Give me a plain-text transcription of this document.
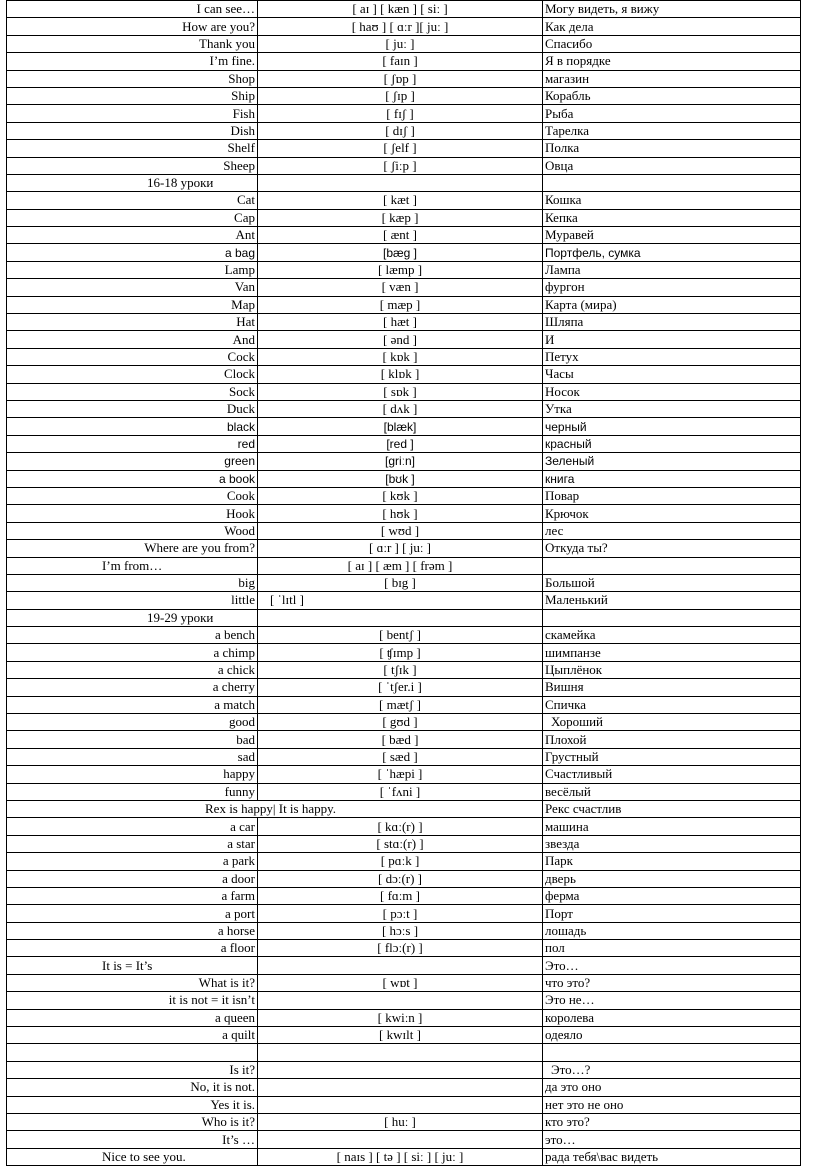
I can see…	[ aɪ ] [ kæn ] [ siː ]	Могу видеть, я вижу
How are you?	[ haʊ ] [ ɑːr ][ juː ]	Как дела
Thank you	[ juː ]	Спасибо
I’m fine.	[ faɪn ]	Я в порядке
Shop	[ ʃɒp ]	магазин
Ship	[ ʃɪp ]	Корабль
Fish	[ fɪʃ ]	Рыба
Dish	[ dɪʃ ]	Тарелка
Shelf	[ ʃelf ]	Полка
Sheep	[ ʃiːp ]	Овца
16-18 уроки		
Cat	[ kæt ]	Кошка
Cap	[ kæp ]	Кепка
Ant	[ ænt ]	Муравей
a bag	[bæg ]	Портфель, сумка
Lamp	[ læmp ]	Лампа
Van	[ væn ]	фургон
Map	[ mæp ]	Карта (мира)
Hat	[ hæt ]	Шляпа
And	[ ənd ]	И
Cock	[ kɒk ]	Петух
Clock	[ klɒk ]	Часы
Sock	[ sɒk ]	Носок
Duck	[ dʌk ]	Утка
black	[blæk]	черный
red	[red ]	красный
green	[griːn]	Зеленый
a book	[bʊk ]	книга
Cook	[ kʊk ]	Повар
Hook	[ hʊk ]	Крючок
Wood	[ wʊd ]	лес
Where are you from?	[ ɑːr ] [ juː ]	Откуда ты?
I’m from…	[ aɪ ] [ æm ] [ frəm ]	
big	[ bɪg ]	Большой
little	[ ˈlɪtl ]	Маленький
19-29 уроки		
a bench	[ bentʃ ]	скамейка
a chimp	[ ʧɪmp ]	шимпанзе
a chick	[ tʃɪk ]	Цыплёнок
a cherry	[ ˈtʃer.i ]	Вишня
a match	[ mætʃ ]	Спичка
good	[ gʊd ]	Хороший
bad	[ bæd ]	Плохой
sad	[ sæd ]	Грустный
happy	[ ˈhæpi ]	Счастливый
funny	[ ˈfʌni ]	весёлый
Rex is happy| It is happy.		Рекс счастлив
a car	[ kɑː(r) ]	машина
a star	[ stɑː(r) ]	звезда
a park	[ pɑːk ]	Парк
a door	[ dɔː(r) ]	дверь
a farm	[ fɑːm ]	ферма
a port	[ pɔːt ]	Порт
a horse	[ hɔːs ]	лошадь
a floor	[ flɔː(r) ]	пол
It is = It’s		Это…
What is it?	[ wɒt ]	что это?
it is not = it isn’t		Это не…
a queen	[ kwiːn ]	королева
a quilt	[ kwɪlt ]	одеяло

Is it?		Это…?
No, it is not.		да это оно
Yes it is.		нет это не оно
Who is it?	[ huː ]	кто это?
It’s …		это…
Nice to see you.	[ naɪs ] [ tə ] [ siː ] [ juː ]	рада тебя\вас видеть
